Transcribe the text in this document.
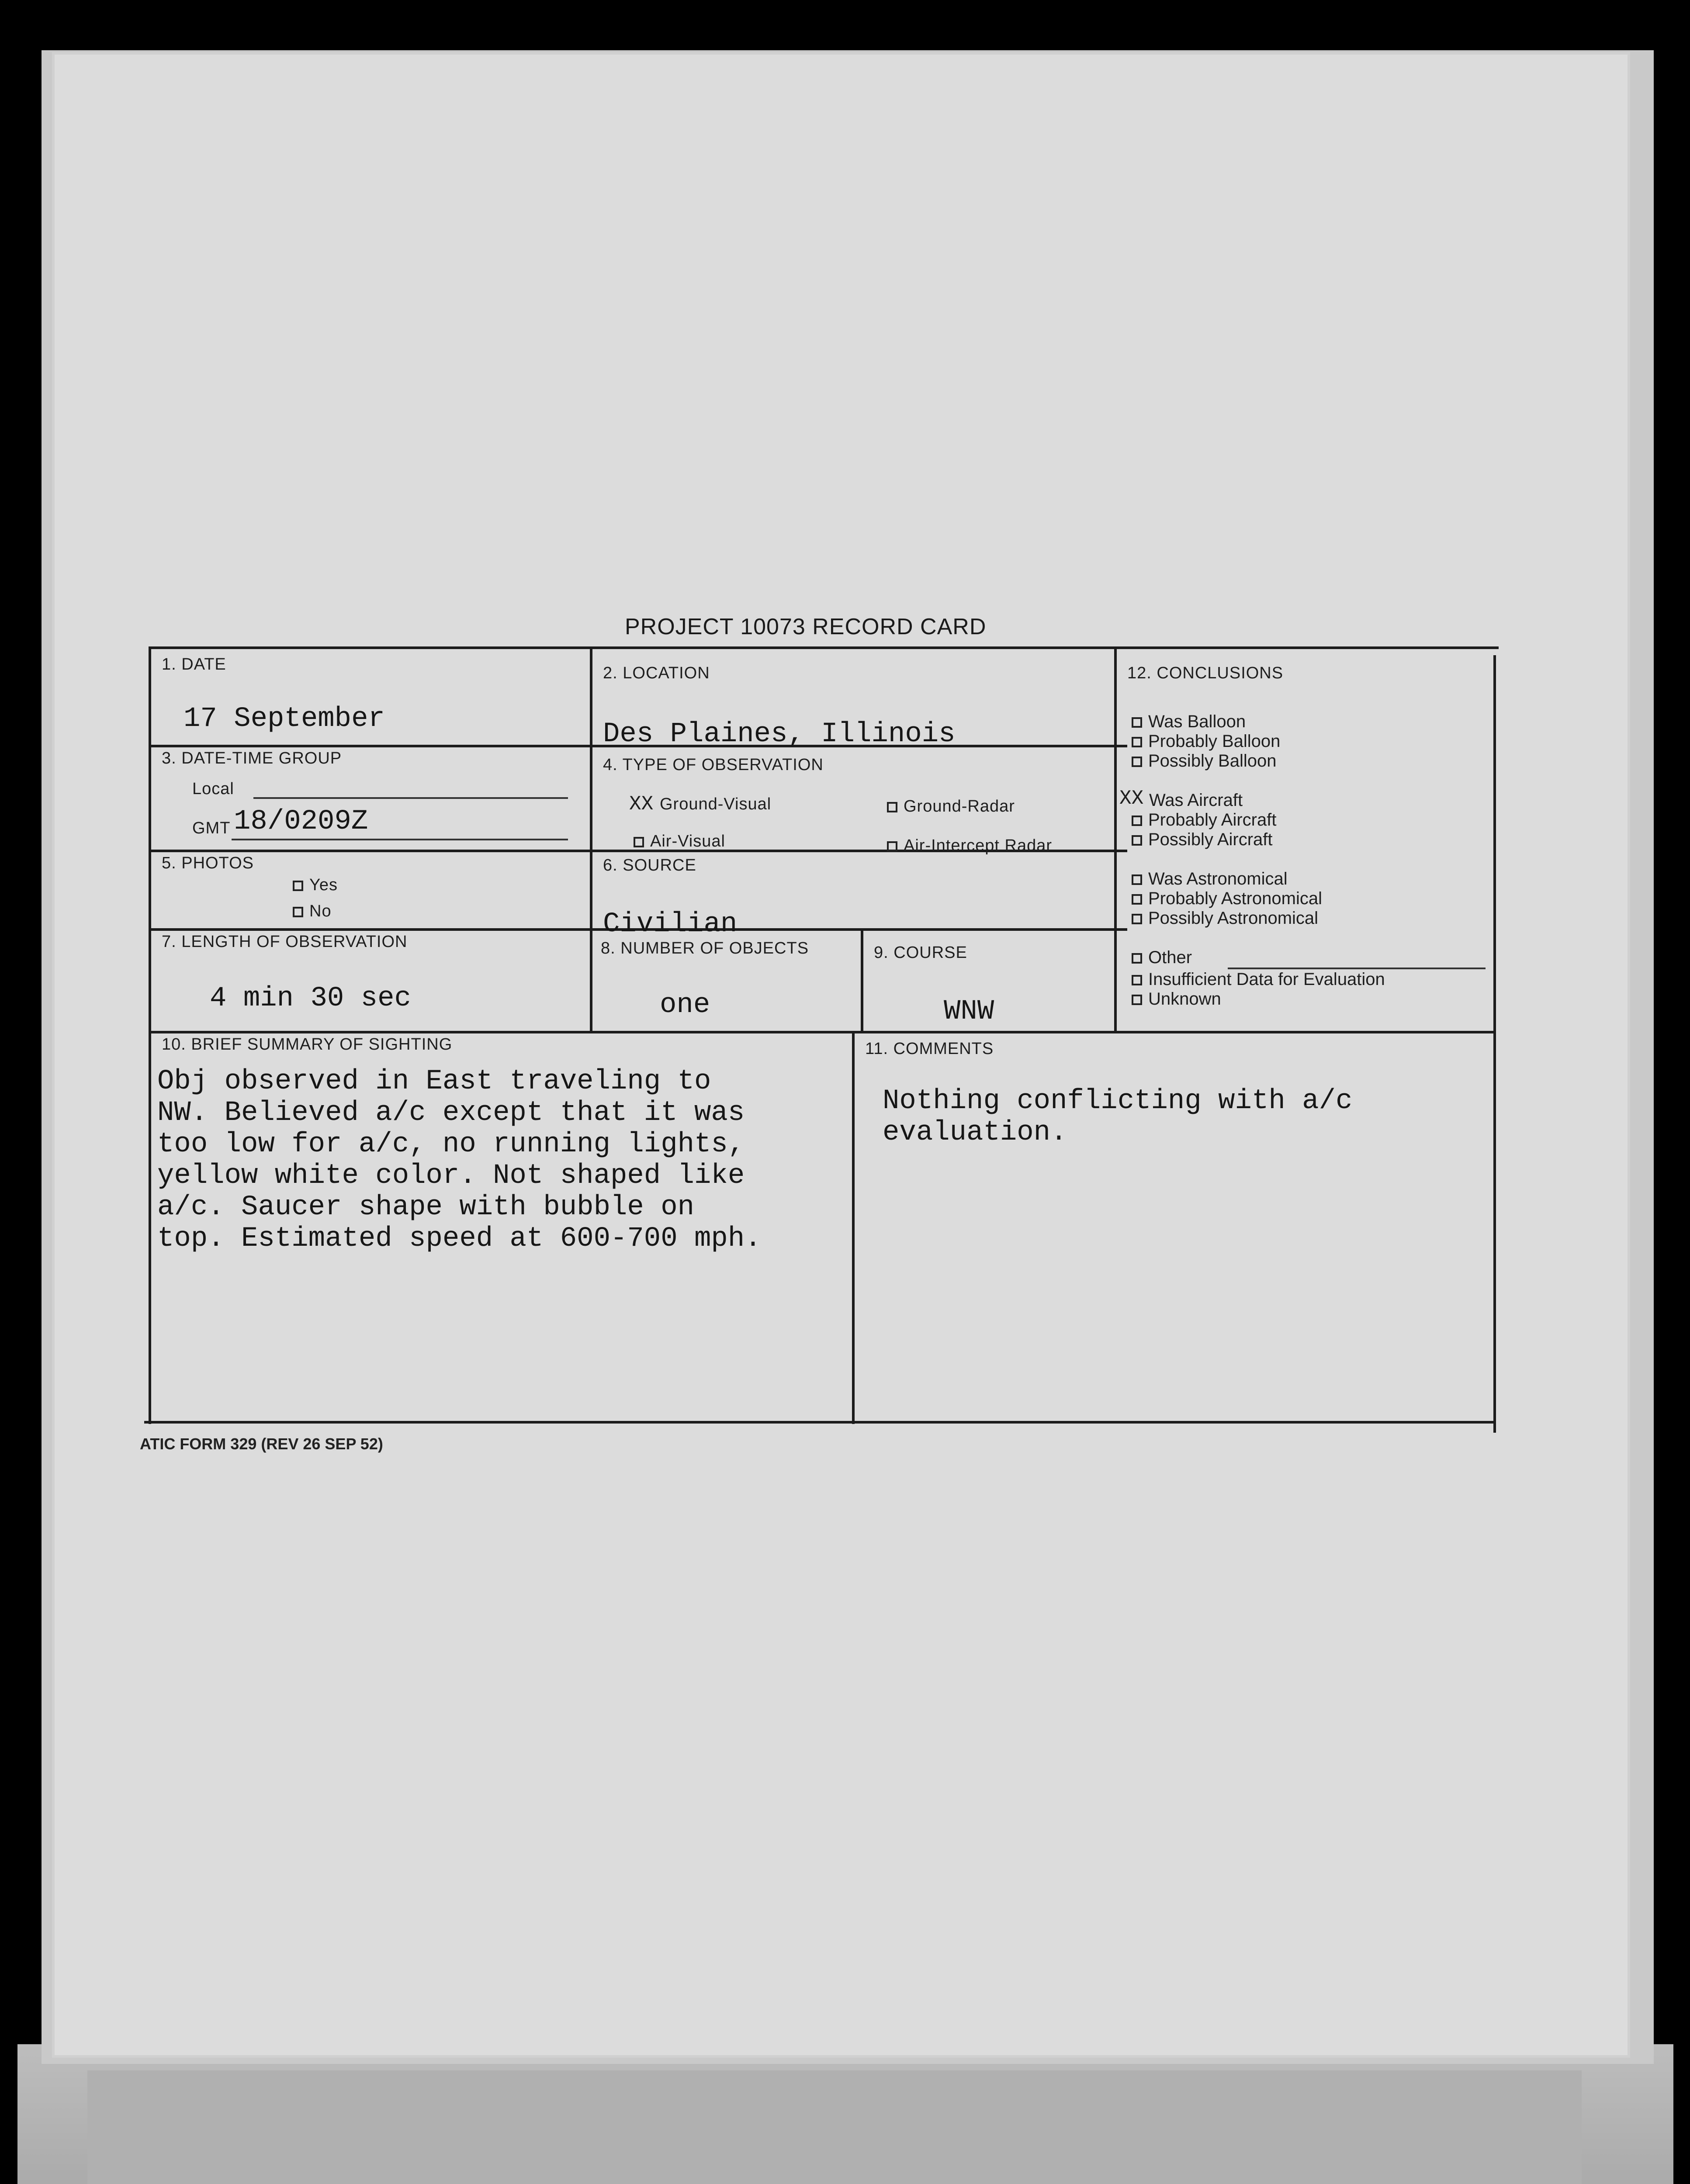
PROJECT 10073 RECORD CARD
1. DATE
17 September
2. LOCATION
Des Plaines, Illinois
3. DATE-TIME GROUP
Local
GMT 18/0209Z
4. TYPE OF OBSERVATION
XX Ground-Visual	Ground-Radar
Air-Visual	Air-Intercept Radar
5. PHOTOS
Yes
No
6. SOURCE
Civilian
7. LENGTH OF OBSERVATION
4 min 30 sec
8. NUMBER OF OBJECTS
one
9. COURSE
WNW
10. BRIEF SUMMARY OF SIGHTING
Obj observed in East traveling to
NW. Believed a/c except that it was
too low for a/c, no running lights,
yellow white color. Not shaped like
a/c. Saucer shape with bubble on
top. Estimated speed at 600-700 mph.
11. COMMENTS
Nothing conflicting with a/c
evaluation.
12. CONCLUSIONS
Was Balloon
Probably Balloon
Possibly Balloon
XX Was Aircraft
Probably Aircraft
Possibly Aircraft
Was Astronomical
Probably Astronomical
Possibly Astronomical
Other
Insufficient Data for Evaluation
Unknown
ATIC FORM 329 (REV 26 SEP 52)
